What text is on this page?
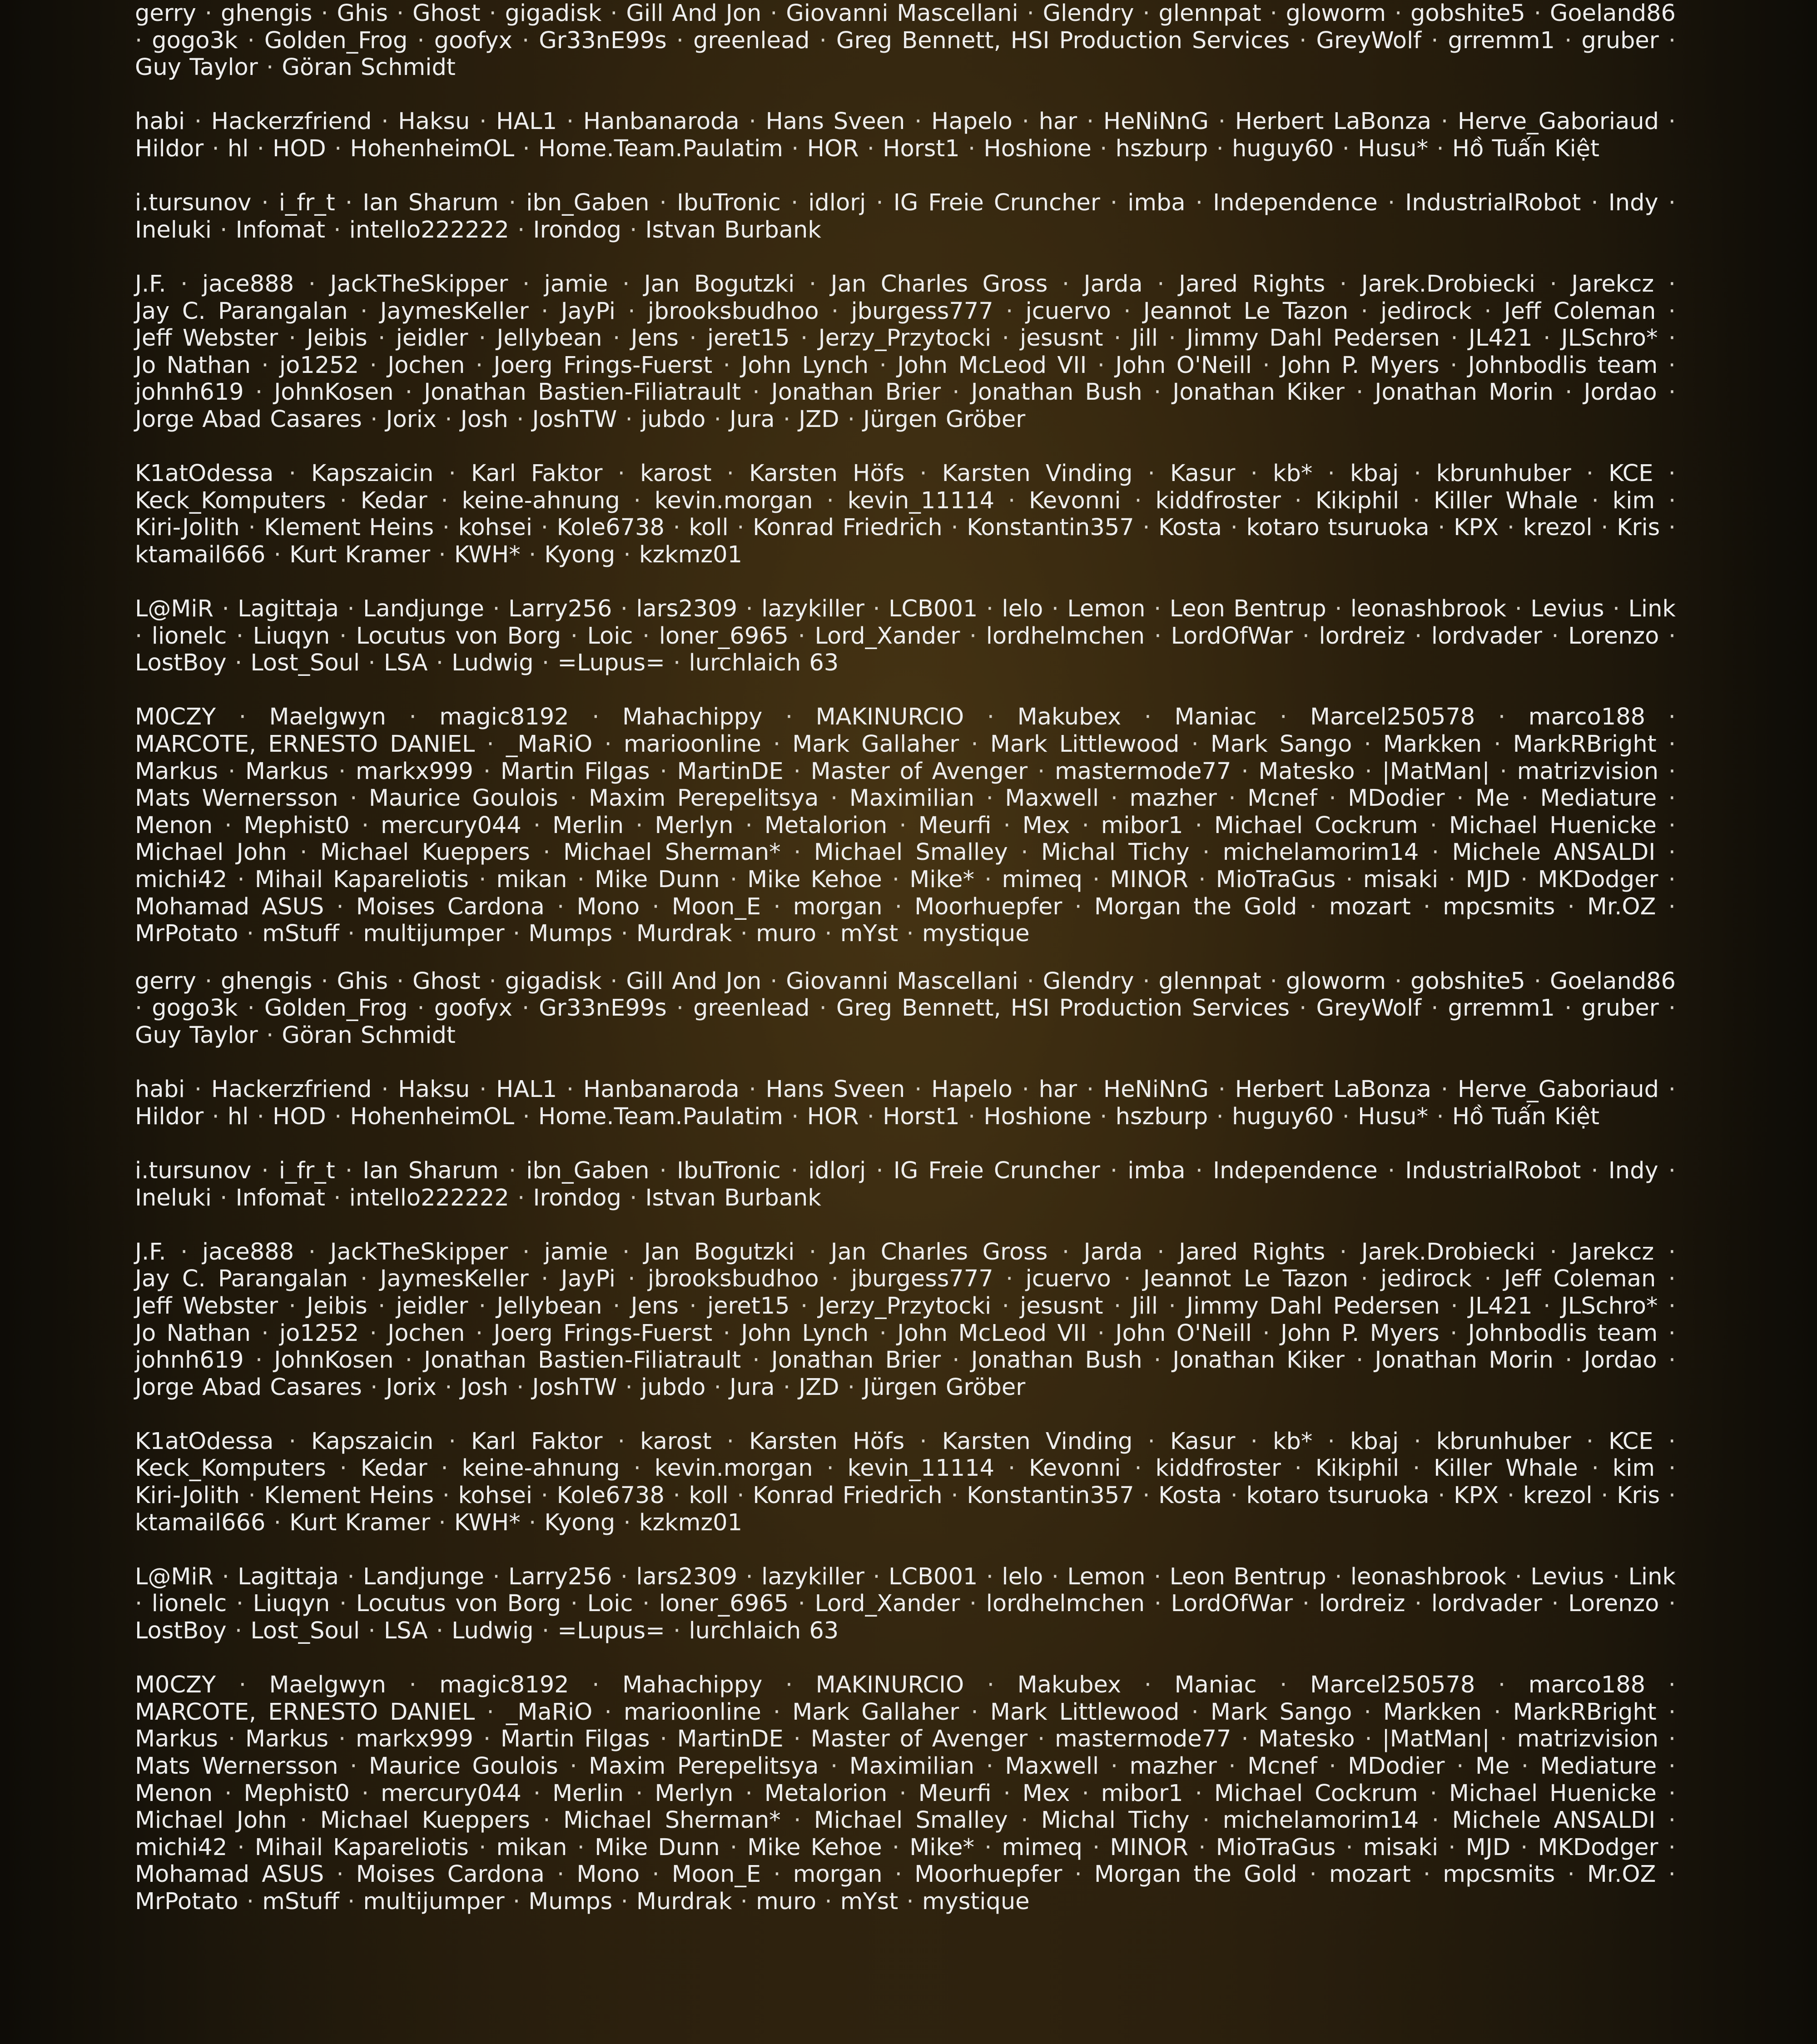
gerry · ghengis · Ghis · Ghost · gigadisk · Gill And Jon · Giovanni Mascellani · Glendry · glennpat · gloworm · gobshite5 · Goeland86 · gogo3k · Golden_Frog · goofyx · Gr33nE99s · greenlead · Greg Bennett, HSI Production Services · GreyWolf · grremm1 · gruber · Guy Taylor · Göran Schmidt

habi · Hackerzfriend · Haksu · HAL1 · Hanbanaroda · Hans Sveen · Hapelo · har · HeNiNnG · Herbert LaBonza · Herve_Gaboriaud · Hildor · hl · HOD · HohenheimOL · Home.Team.Paulatim · HOR · Horst1 · Hoshione · hszburp · huguy60 · Husu* · Hồ Tuấn Kiệt

i.tursunov · i_fr_t · Ian Sharum · ibn_Gaben · IbuTronic · idlorj · IG Freie Cruncher · imba · Independence · IndustrialRobot · Indy · Ineluki · Infomat · intello222222 · Irondog · Istvan Burbank

J.F. · jace888 · JackTheSkipper · jamie · Jan Bogutzki · Jan Charles Gross · Jarda · Jared Rights · Jarek.Drobiecki · Jarekcz · Jay C. Parangalan · JaymesKeller · JayPi · jbrooksbudhoo · jburgess777 · jcuervo · Jeannot Le Tazon · jedirock · Jeff Coleman · Jeff Webster · Jeibis · jeidler · Jellybean · Jens · jeret15 · Jerzy_Przytocki · jesusnt · Jill · Jimmy Dahl Pedersen · JL421 · JLSchro* · Jo Nathan · jo1252 · Jochen · Joerg Frings-Fuerst · John Lynch · John McLeod VII · John O'Neill · John P. Myers · Johnbodlis team · johnh619 · JohnKosen · Jonathan Bastien-Filiatrault · Jonathan Brier · Jonathan Bush · Jonathan Kiker · Jonathan Morin · Jordao · Jorge Abad Casares · Jorix · Josh · JoshTW · jubdo · Jura · JZD · Jürgen Gröber

K1atOdessa · Kapszaicin · Karl Faktor · karost · Karsten Höfs · Karsten Vinding · Kasur · kb* · kbaj · kbrunhuber · KCE · Keck_Komputers · Kedar · keine-ahnung · kevin.morgan · kevin_11114 · Kevonni · kiddfroster · Kikiphil · Killer Whale · kim · Kiri-Jolith · Klement Heins · kohsei · Kole6738 · koll · Konrad Friedrich · Konstantin357 · Kosta · kotaro tsuruoka · KPX · krezol · Kris · ktamail666 · Kurt Kramer · KWH* · Kyong · kzkmz01

L@MiR · Lagittaja · Landjunge · Larry256 · lars2309 · lazykiller · LCB001 · lelo · Lemon · Leon Bentrup · leonashbrook · Levius · Link · lionelc · Liuqyn · Locutus von Borg · Loic · loner_6965 · Lord_Xander · lordhelmchen · LordOfWar · lordreiz · lordvader · Lorenzo · LostBoy · Lost_Soul · LSA · Ludwig · =Lupus= · lurchlaich 63

M0CZY · Maelgwyn · magic8192 · Mahachippy · MAKINURCIO · Makubex · Maniac · Marcel250578 · marco188 · MARCOTE, ERNESTO DANIEL · _MaRiO · marioonline · Mark Gallaher · Mark Littlewood · Mark Sango · Markken · MarkRBright · Markus · Markus · markx999 · Martin Filgas · MartinDE · Master of Avenger · mastermode77 · Matesko · |MatMan| · matrizvision · Mats Wernersson · Maurice Goulois · Maxim Perepelitsya · Maximilian · Maxwell · mazher · Mcnef · MDodier · Me · Mediature · Menon · Mephist0 · mercury044 · Merlin · Merlyn · Metalorion · Meurfi · Mex · mibor1 · Michael Cockrum · Michael Huenicke · Michael John · Michael Kueppers · Michael Sherman* · Michael Smalley · Michal Tichy · michelamorim14 · Michele ANSALDI · michi42 · Mihail Kapareliotis · mikan · Mike Dunn · Mike Kehoe · Mike* · mimeq · MINOR · MioTraGus · misaki · MJD · MKDodger · Mohamad ASUS · Moises Cardona · Mono · Moon_E · morgan · Moorhuepfer · Morgan the Gold · mozart · mpcsmits · Mr.OZ · MrPotato · mStuff · multijumper · Mumps · Murdrak · muro · mYst · mystique

gerry · ghengis · Ghis · Ghost · gigadisk · Gill And Jon · Giovanni Mascellani · Glendry · glennpat · gloworm · gobshite5 · Goeland86 · gogo3k · Golden_Frog · goofyx · Gr33nE99s · greenlead · Greg Bennett, HSI Production Services · GreyWolf · grremm1 · gruber · Guy Taylor · Göran Schmidt

habi · Hackerzfriend · Haksu · HAL1 · Hanbanaroda · Hans Sveen · Hapelo · har · HeNiNnG · Herbert LaBonza · Herve_Gaboriaud · Hildor · hl · HOD · HohenheimOL · Home.Team.Paulatim · HOR · Horst1 · Hoshione · hszburp · huguy60 · Husu* · Hồ Tuấn Kiệt

i.tursunov · i_fr_t · Ian Sharum · ibn_Gaben · IbuTronic · idlorj · IG Freie Cruncher · imba · Independence · IndustrialRobot · Indy · Ineluki · Infomat · intello222222 · Irondog · Istvan Burbank

J.F. · jace888 · JackTheSkipper · jamie · Jan Bogutzki · Jan Charles Gross · Jarda · Jared Rights · Jarek.Drobiecki · Jarekcz · Jay C. Parangalan · JaymesKeller · JayPi · jbrooksbudhoo · jburgess777 · jcuervo · Jeannot Le Tazon · jedirock · Jeff Coleman · Jeff Webster · Jeibis · jeidler · Jellybean · Jens · jeret15 · Jerzy_Przytocki · jesusnt · Jill · Jimmy Dahl Pedersen · JL421 · JLSchro* · Jo Nathan · jo1252 · Jochen · Joerg Frings-Fuerst · John Lynch · John McLeod VII · John O'Neill · John P. Myers · Johnbodlis team · johnh619 · JohnKosen · Jonathan Bastien-Filiatrault · Jonathan Brier · Jonathan Bush · Jonathan Kiker · Jonathan Morin · Jordao · Jorge Abad Casares · Jorix · Josh · JoshTW · jubdo · Jura · JZD · Jürgen Gröber

K1atOdessa · Kapszaicin · Karl Faktor · karost · Karsten Höfs · Karsten Vinding · Kasur · kb* · kbaj · kbrunhuber · KCE · Keck_Komputers · Kedar · keine-ahnung · kevin.morgan · kevin_11114 · Kevonni · kiddfroster · Kikiphil · Killer Whale · kim · Kiri-Jolith · Klement Heins · kohsei · Kole6738 · koll · Konrad Friedrich · Konstantin357 · Kosta · kotaro tsuruoka · KPX · krezol · Kris · ktamail666 · Kurt Kramer · KWH* · Kyong · kzkmz01

L@MiR · Lagittaja · Landjunge · Larry256 · lars2309 · lazykiller · LCB001 · lelo · Lemon · Leon Bentrup · leonashbrook · Levius · Link · lionelc · Liuqyn · Locutus von Borg · Loic · loner_6965 · Lord_Xander · lordhelmchen · LordOfWar · lordreiz · lordvader · Lorenzo · LostBoy · Lost_Soul · LSA · Ludwig · =Lupus= · lurchlaich 63

M0CZY · Maelgwyn · magic8192 · Mahachippy · MAKINURCIO · Makubex · Maniac · Marcel250578 · marco188 · MARCOTE, ERNESTO DANIEL · _MaRiO · marioonline · Mark Gallaher · Mark Littlewood · Mark Sango · Markken · MarkRBright · Markus · Markus · markx999 · Martin Filgas · MartinDE · Master of Avenger · mastermode77 · Matesko · |MatMan| · matrizvision · Mats Wernersson · Maurice Goulois · Maxim Perepelitsya · Maximilian · Maxwell · mazher · Mcnef · MDodier · Me · Mediature · Menon · Mephist0 · mercury044 · Merlin · Merlyn · Metalorion · Meurfi · Mex · mibor1 · Michael Cockrum · Michael Huenicke · Michael John · Michael Kueppers · Michael Sherman* · Michael Smalley · Michal Tichy · michelamorim14 · Michele ANSALDI · michi42 · Mihail Kapareliotis · mikan · Mike Dunn · Mike Kehoe · Mike* · mimeq · MINOR · MioTraGus · misaki · MJD · MKDodger · Mohamad ASUS · Moises Cardona · Mono · Moon_E · morgan · Moorhuepfer · Morgan the Gold · mozart · mpcsmits · Mr.OZ · MrPotato · mStuff · multijumper · Mumps · Murdrak · muro · mYst · mystique
